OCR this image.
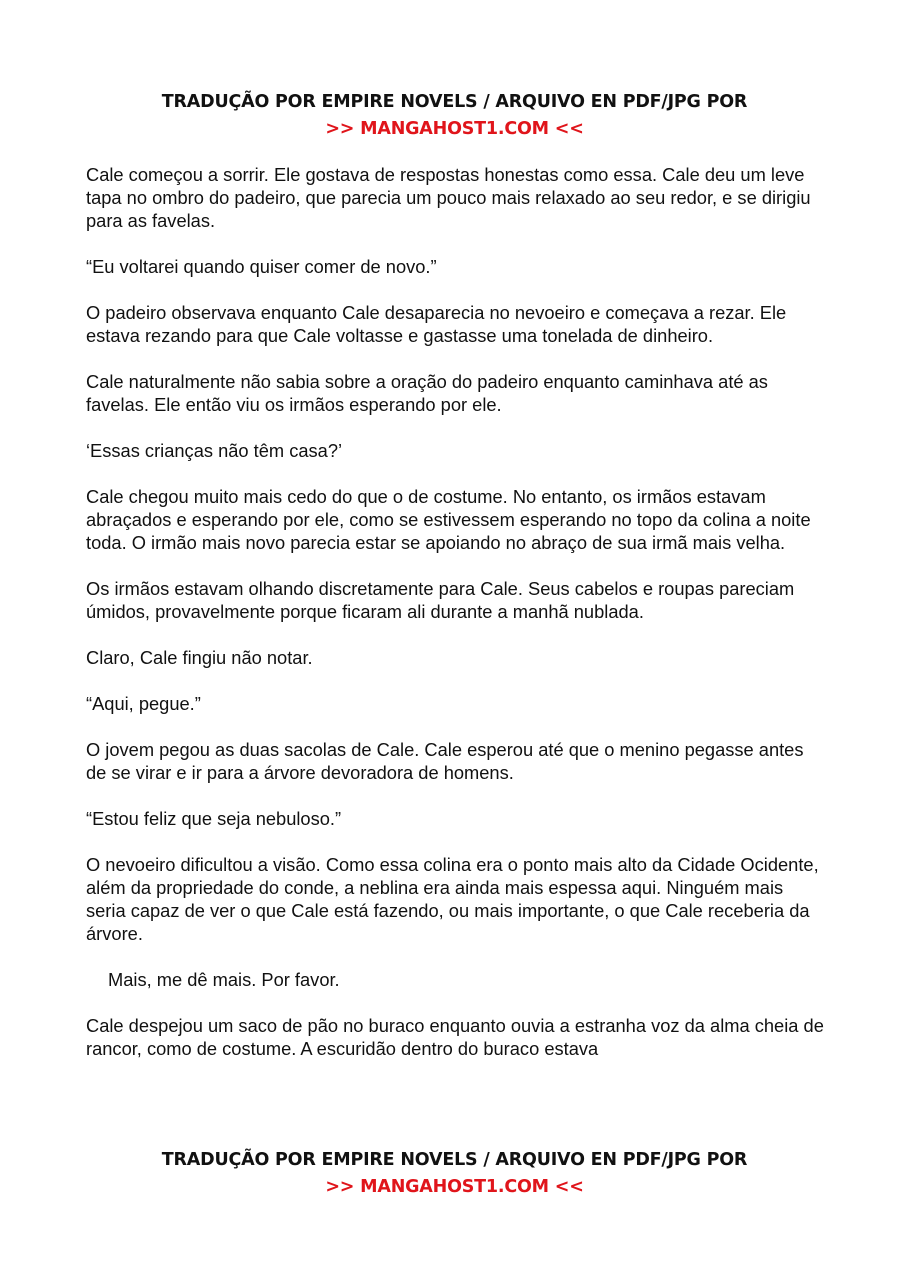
TRADUÇÃO POR EMPIRE NOVELS / ARQUIVO EN PDF/JPG POR
>> MANGAHOST1.COM <<

Cale começou a sorrir. Ele gostava de respostas honestas como essa. Cale deu um leve tapa no ombro do padeiro, que parecia um pouco mais relaxado ao seu redor, e se dirigiu para as favelas.

“Eu voltarei quando quiser comer de novo.”

O padeiro observava enquanto Cale desaparecia no nevoeiro e começava a rezar. Ele estava rezando para que Cale voltasse e gastasse uma tonelada de dinheiro.

Cale naturalmente não sabia sobre a oração do padeiro enquanto caminhava até as favelas. Ele então viu os irmãos esperando por ele.

‘Essas crianças não têm casa?’

Cale chegou muito mais cedo do que o de costume. No entanto, os irmãos estavam abraçados e esperando por ele, como se estivessem esperando no topo da colina a noite toda. O irmão mais novo parecia estar se apoiando no abraço de sua irmã mais velha.

Os irmãos estavam olhando discretamente para Cale. Seus cabelos e roupas pareciam úmidos, provavelmente porque ficaram ali durante a manhã nublada.

Claro, Cale fingiu não notar.

“Aqui, pegue.”

O jovem pegou as duas sacolas de Cale. Cale esperou até que o menino pegasse antes de se virar e ir para a árvore devoradora de homens.

“Estou feliz que seja nebuloso.”

O nevoeiro dificultou a visão. Como essa colina era o ponto mais alto da Cidade Ocidente, além da propriedade do conde, a neblina era ainda mais espessa aqui. Ninguém mais seria capaz de ver o que Cale está fazendo, ou mais importante, o que Cale receberia da árvore.

Mais, me dê mais. Por favor.

Cale despejou um saco de pão no buraco enquanto ouvia a estranha voz da alma cheia de rancor, como de costume. A escuridão dentro do buraco estava

TRADUÇÃO POR EMPIRE NOVELS / ARQUIVO EN PDF/JPG POR
>> MANGAHOST1.COM <<
